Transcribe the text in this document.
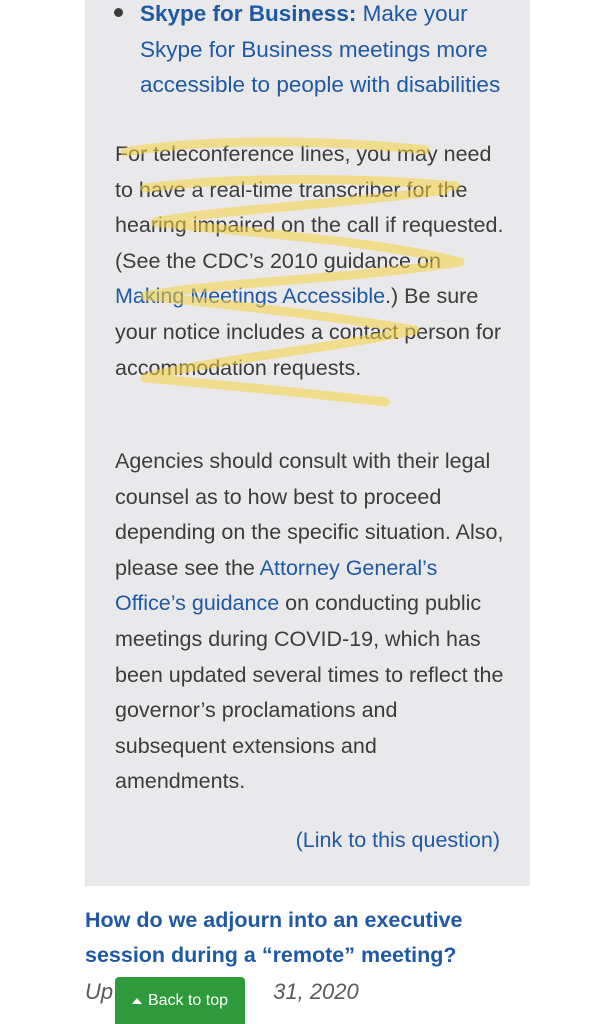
Skype for Business: Make your Skype for Business meetings more accessible to people with disabilities

For teleconference lines, you may need to have a real-time transcriber for the hearing impaired on the call if requested. (See the CDC’s 2010 guidance on Making Meetings Accessible.) Be sure your notice includes a contact person for accommodation requests.

Agencies should consult with their legal counsel as to how best to proceed depending on the specific situation. Also, please see the Attorney General’s Office’s guidance on conducting public meetings during COVID-19, which has been updated several times to reflect the governor’s proclamations and subsequent extensions and amendments.

(Link to this question)

How do we adjourn into an executive session during a “remote” meeting?

Up	31, 2020

Back to top
